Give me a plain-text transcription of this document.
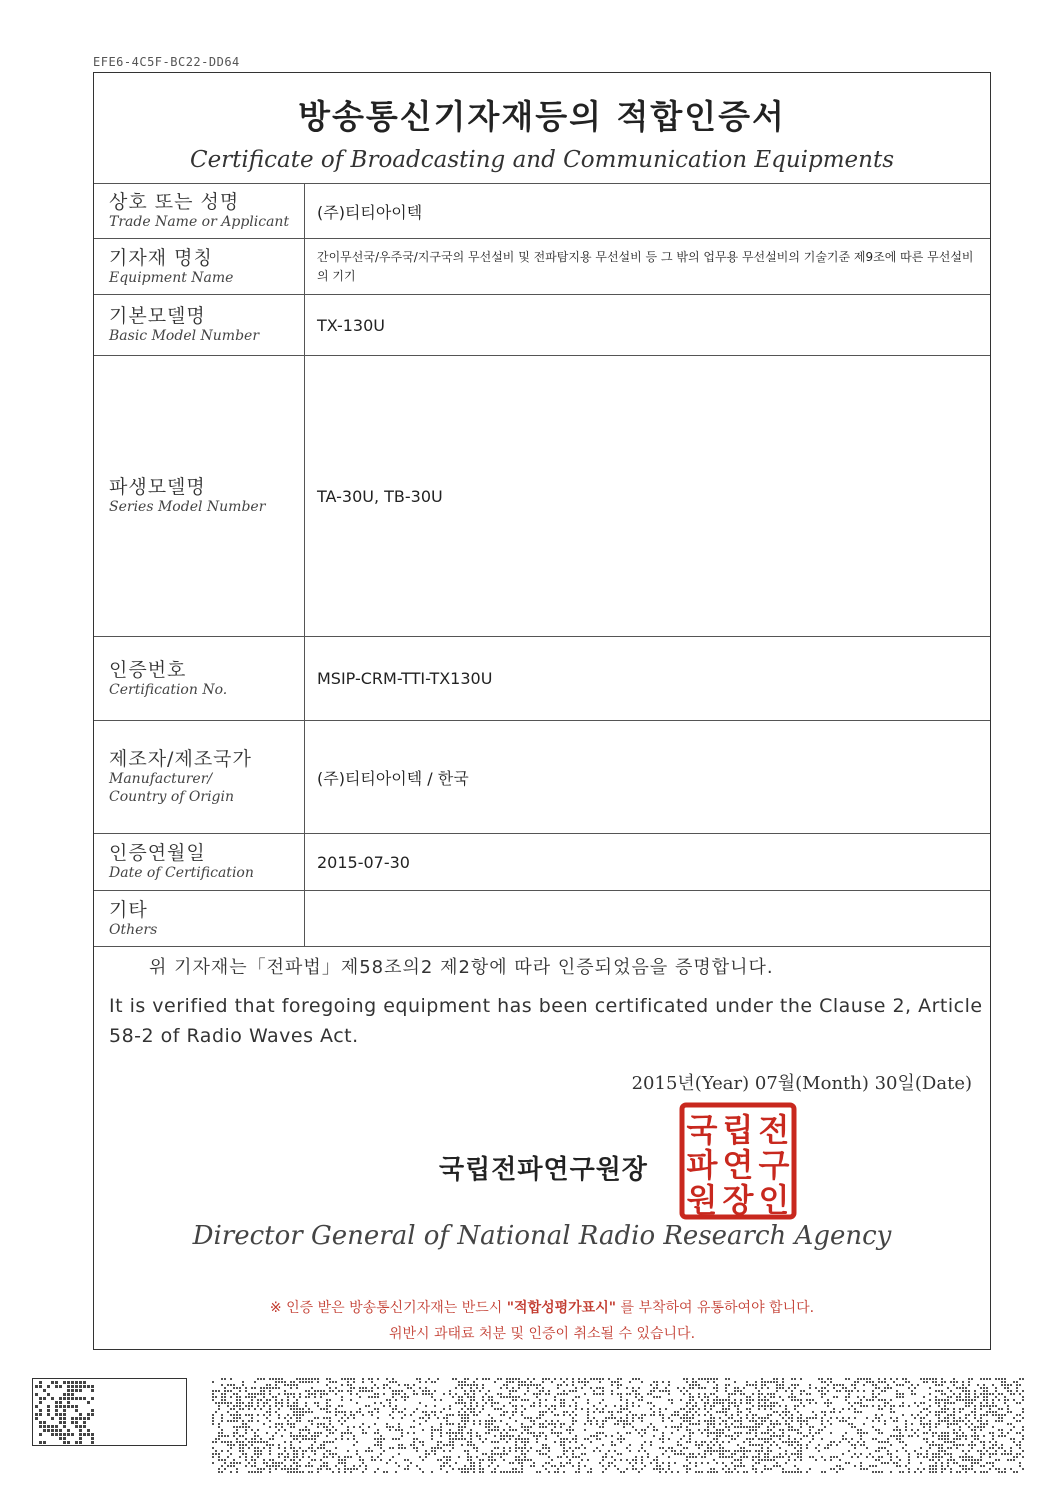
EFE6-4C5F-BC22-DD64
방송통신기자재등의 적합인증서
Certificate of Broadcasting and Communication Equipments
상호 또는 성명
Trade Name or Applicant
(주)티티아이텍
기자재 명칭
Equipment Name
간이무선국/우주국/지구국의 무선설비 및 전파탐지용 무선설비 등 그 밖의 업무용 무선설비의 기술기준 제9조에 따른 무선설비의 기기
기본모델명
Basic Model Number
TX-130U
파생모델명
Series Model Number
TA-30U, TB-30U
인증번호
Certification No.
MSIP-CRM-TTI-TX130U
제조자/제조국가
Manufacturer/
Country of Origin
(주)티티아이텍 / 한국
인증연월일
Date of Certification
2015-07-30
기타
Others
위 기자재는「전파법」제58조의2 제2항에 따라 인증되었음을 증명합니다.
It is verified that foregoing equipment has been certificated under the Clause 2, Article 58-2 of Radio Waves Act.
2015년(Year) 07월(Month) 30일(Date)
국립전파연구원장
국 립 전
파 연 구
원 장 인
Director General of National Radio Research Agency
※ 인증 받은 방송통신기자재는 반드시 "적합성평가표시" 를 부착하여 유통하여야 합니다.
위반시 과태료 처분 및 인증이 취소될 수 있습니다.
